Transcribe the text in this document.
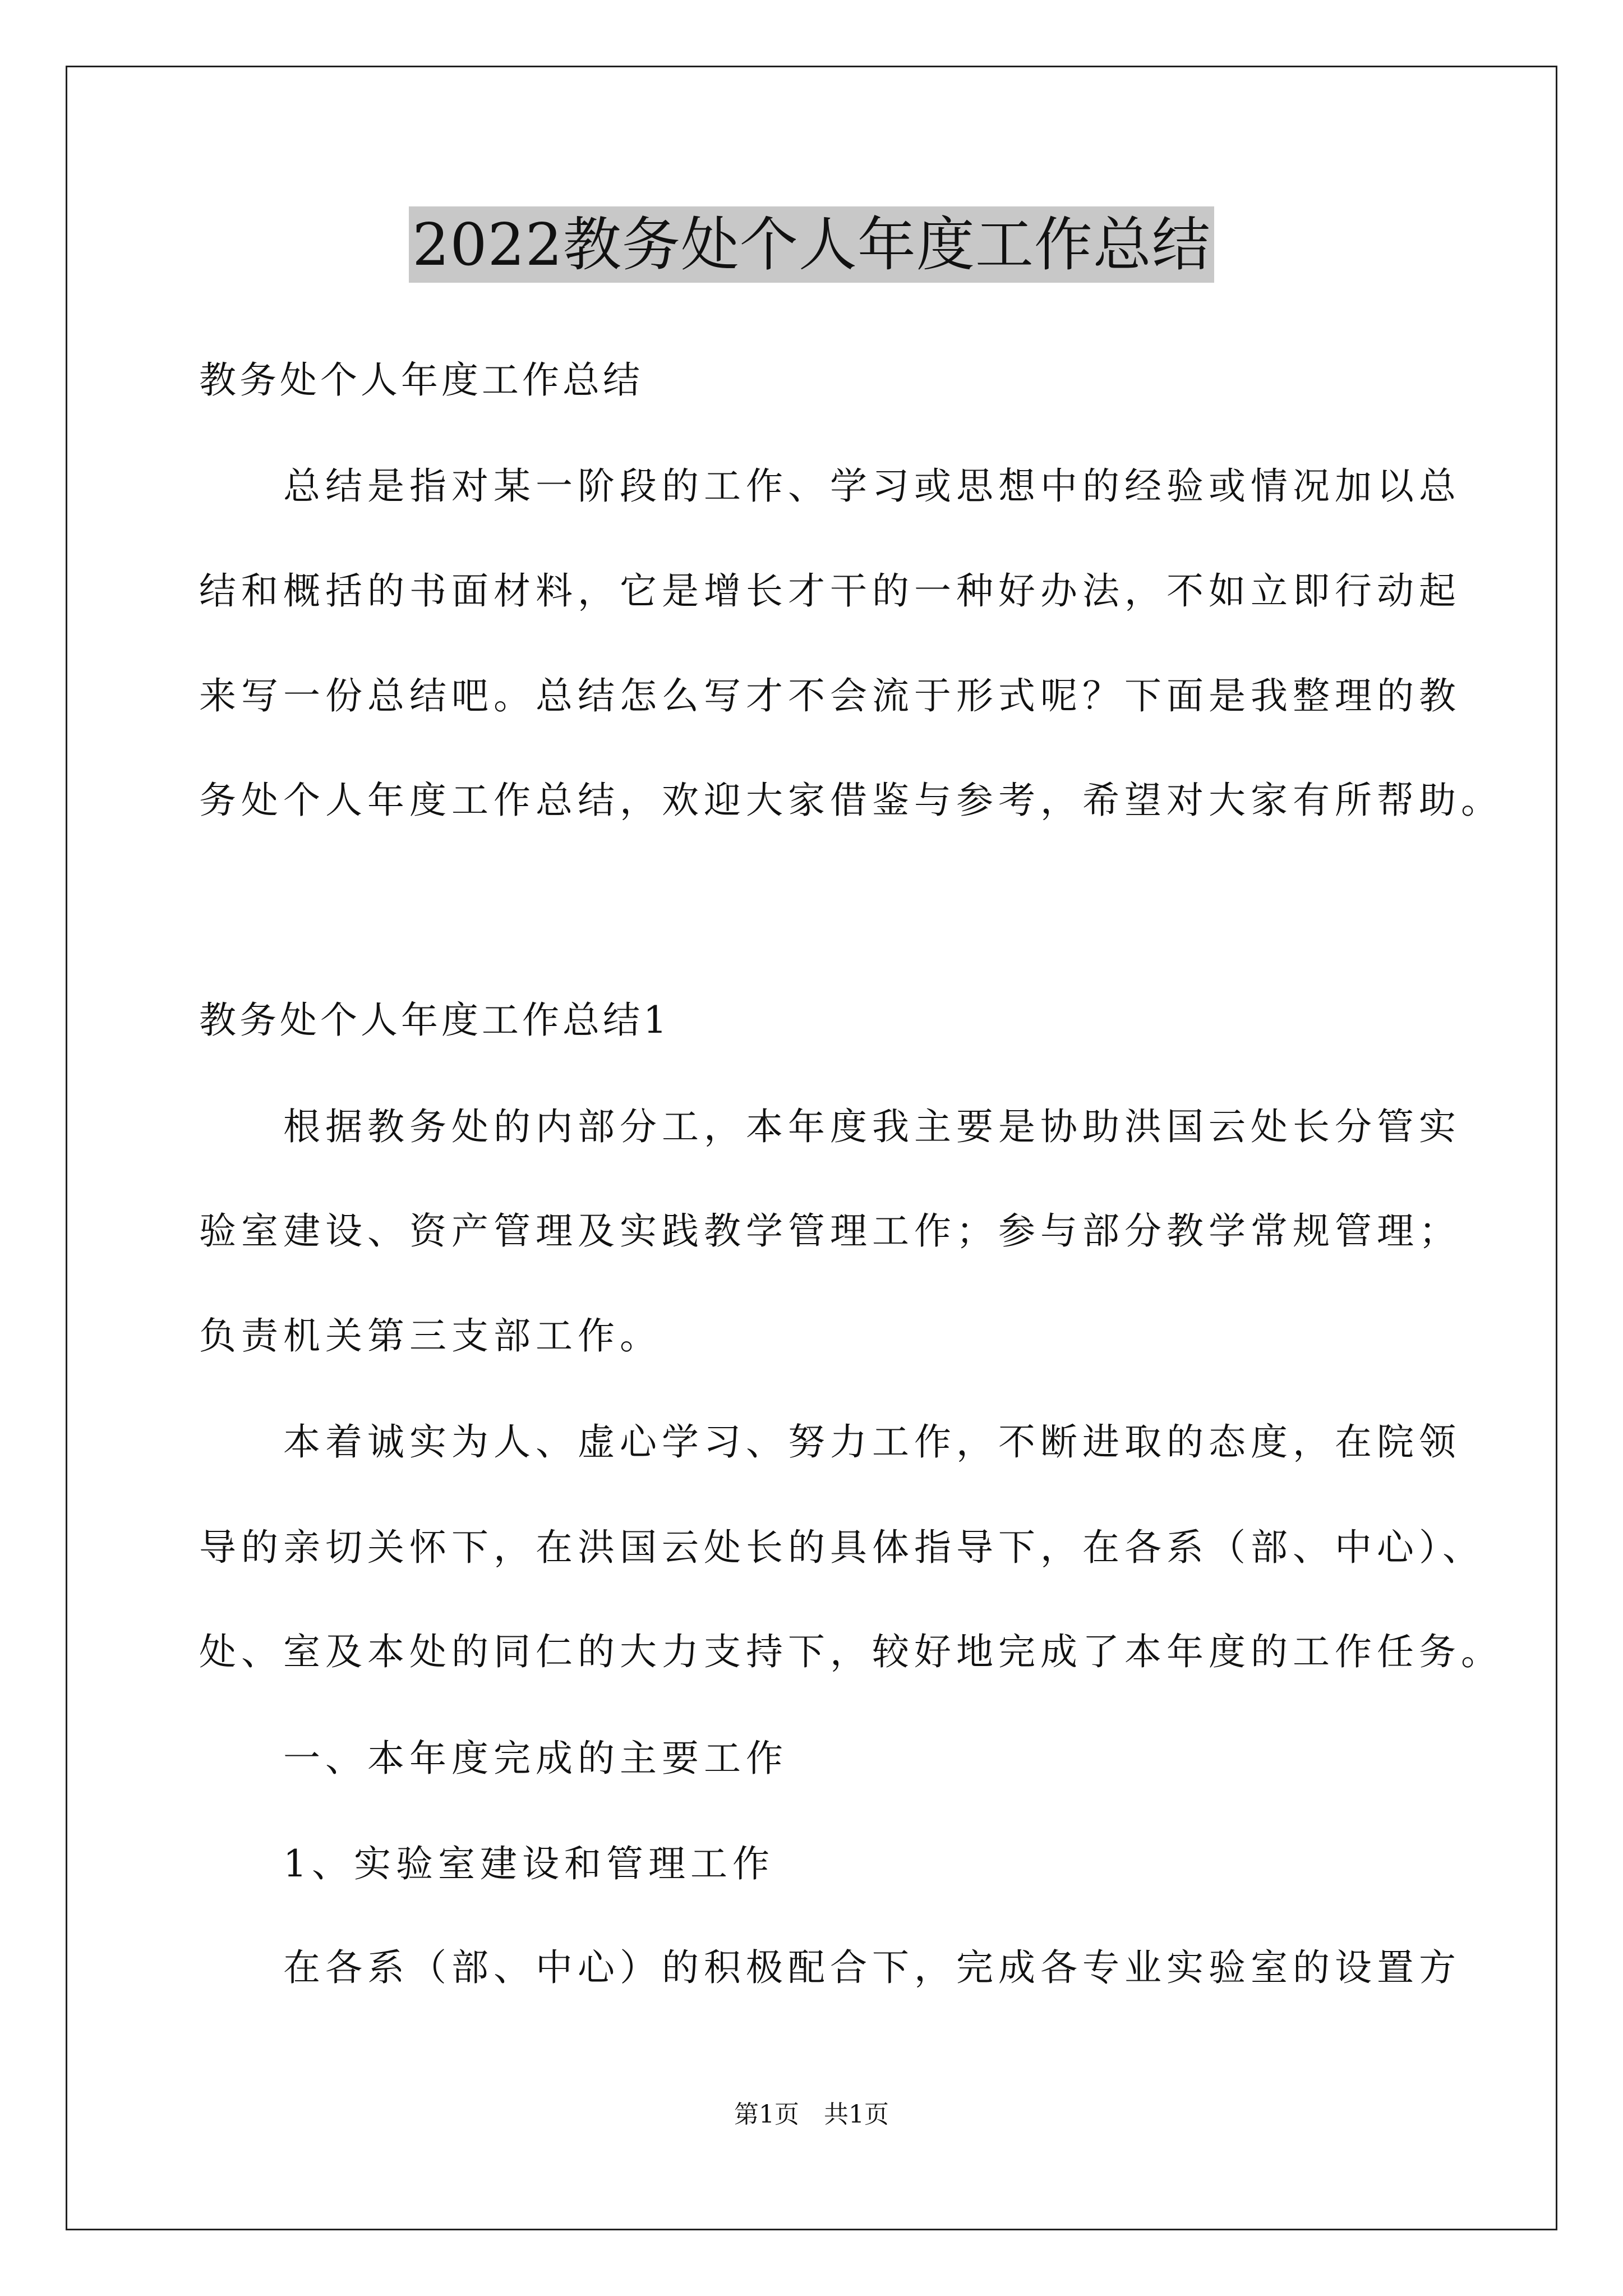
2022教务处个人年度工作总结
教务处个人年度工作总结
　　总结是指对某一阶段的工作、学习或思想中的经验或情况加以总
结和概括的书面材料，它是增长才干的一种好办法，不如立即行动起
来写一份总结吧。总结怎么写才不会流于形式呢？下面是我整理的教
务处个人年度工作总结，欢迎大家借鉴与参考，希望对大家有所帮助。
教务处个人年度工作总结1
　　根据教务处的内部分工，本年度我主要是协助洪国云处长分管实
验室建设、资产管理及实践教学管理工作；参与部分教学常规管理；
负责机关第三支部工作。
　　本着诚实为人、虚心学习、努力工作，不断进取的态度，在院领
导的亲切关怀下，在洪国云处长的具体指导下，在各系（部、中心）、
处、室及本处的同仁的大力支持下，较好地完成了本年度的工作任务。
　　一、本年度完成的主要工作
　　1、实验室建设和管理工作
　　在各系（部、中心）的积极配合下，完成各专业实验室的设置方
第1页　共1页
